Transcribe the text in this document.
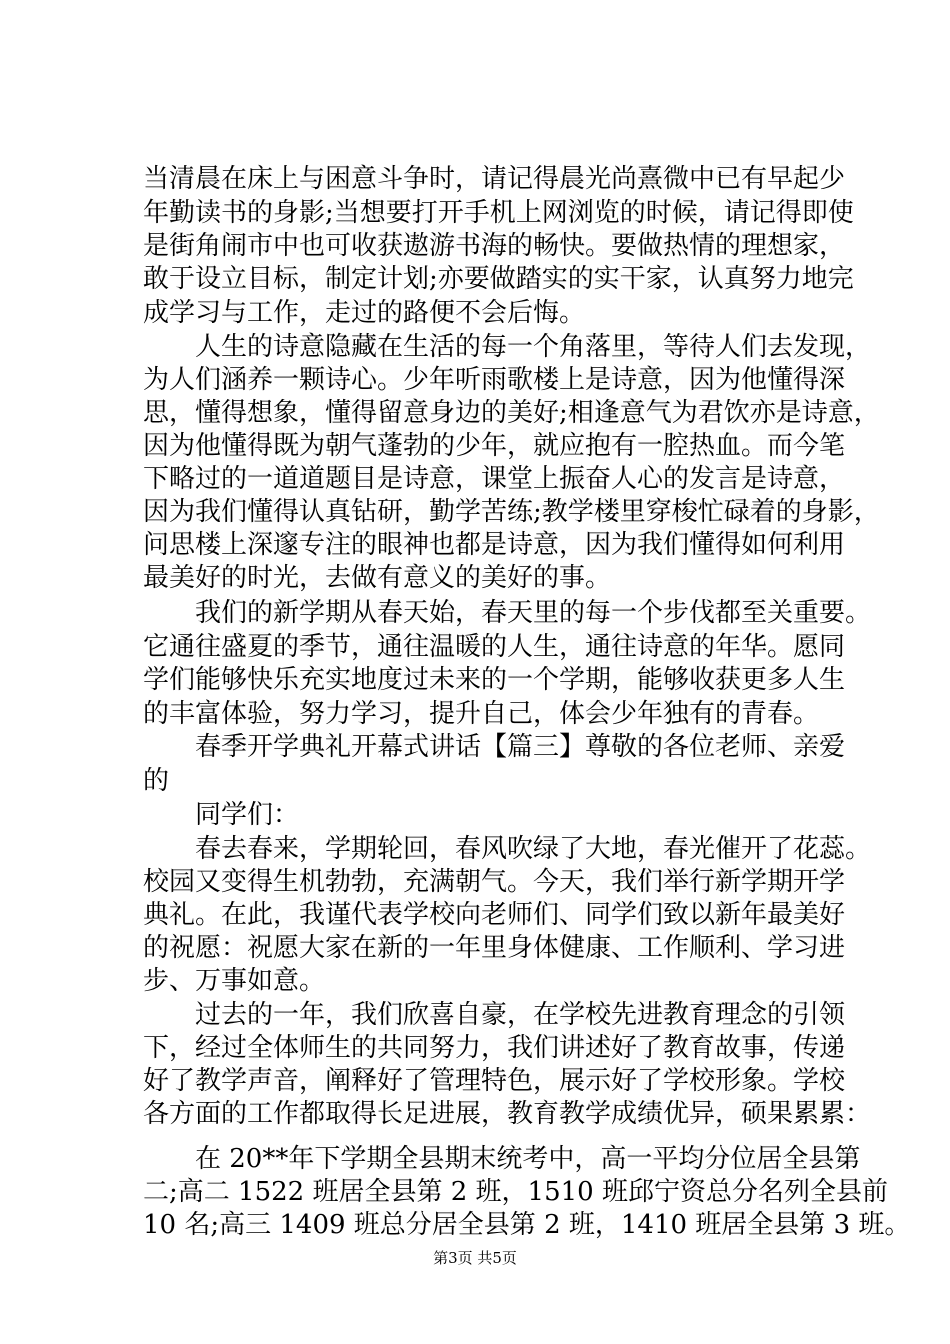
当清晨在床上与困意斗争时，请记得晨光尚熹微中已有早起少
年勤读书的身影;当想要打开手机上网浏览的时候，请记得即使
是街角闹市中也可收获遨游书海的畅快。要做热情的理想家，
敢于设立目标，制定计划;亦要做踏实的实干家，认真努力地完
成学习与工作，走过的路便不会后悔。
　　人生的诗意隐藏在生活的每一个角落里，等待人们去发现，
为人们涵养一颗诗心。少年听雨歌楼上是诗意，因为他懂得深
思，懂得想象，懂得留意身边的美好;相逢意气为君饮亦是诗意，
因为他懂得既为朝气蓬勃的少年，就应抱有一腔热血。而今笔
下略过的一道道题目是诗意，课堂上振奋人心的发言是诗意，
因为我们懂得认真钻研，勤学苦练;教学楼里穿梭忙碌着的身影，
问思楼上深邃专注的眼神也都是诗意，因为我们懂得如何利用
最美好的时光，去做有意义的美好的事。
　　我们的新学期从春天始，春天里的每一个步伐都至关重要。
它通往盛夏的季节，通往温暖的人生，通往诗意的年华。愿同
学们能够快乐充实地度过未来的一个学期，能够收获更多人生
的丰富体验，努力学习，提升自己，体会少年独有的青春。
　　春季开学典礼开幕式讲话【篇三】尊敬的各位老师、亲爱
的
　　同学们：
　　春去春来，学期轮回，春风吹绿了大地，春光催开了花蕊。
校园又变得生机勃勃，充满朝气。今天，我们举行新学期开学
典礼。在此，我谨代表学校向老师们、同学们致以新年最美好
的祝愿：祝愿大家在新的一年里身体健康、工作顺利、学习进
步、万事如意。
　　过去的一年，我们欣喜自豪，在学校先进教育理念的引领
下，经过全体师生的共同努力，我们讲述好了教育故事，传递
好了教学声音，阐释好了管理特色，展示好了学校形象。学校
各方面的工作都取得长足进展，教育教学成绩优异，硕果累累：
　　在 20**年下学期全县期末统考中，高一平均分位居全县第
二;高二 1522 班居全县第 2 班，1510 班邱宁资总分名列全县前
10 名;高三 1409 班总分居全县第 2 班，1410 班居全县第 3 班。
第3页 共5页
